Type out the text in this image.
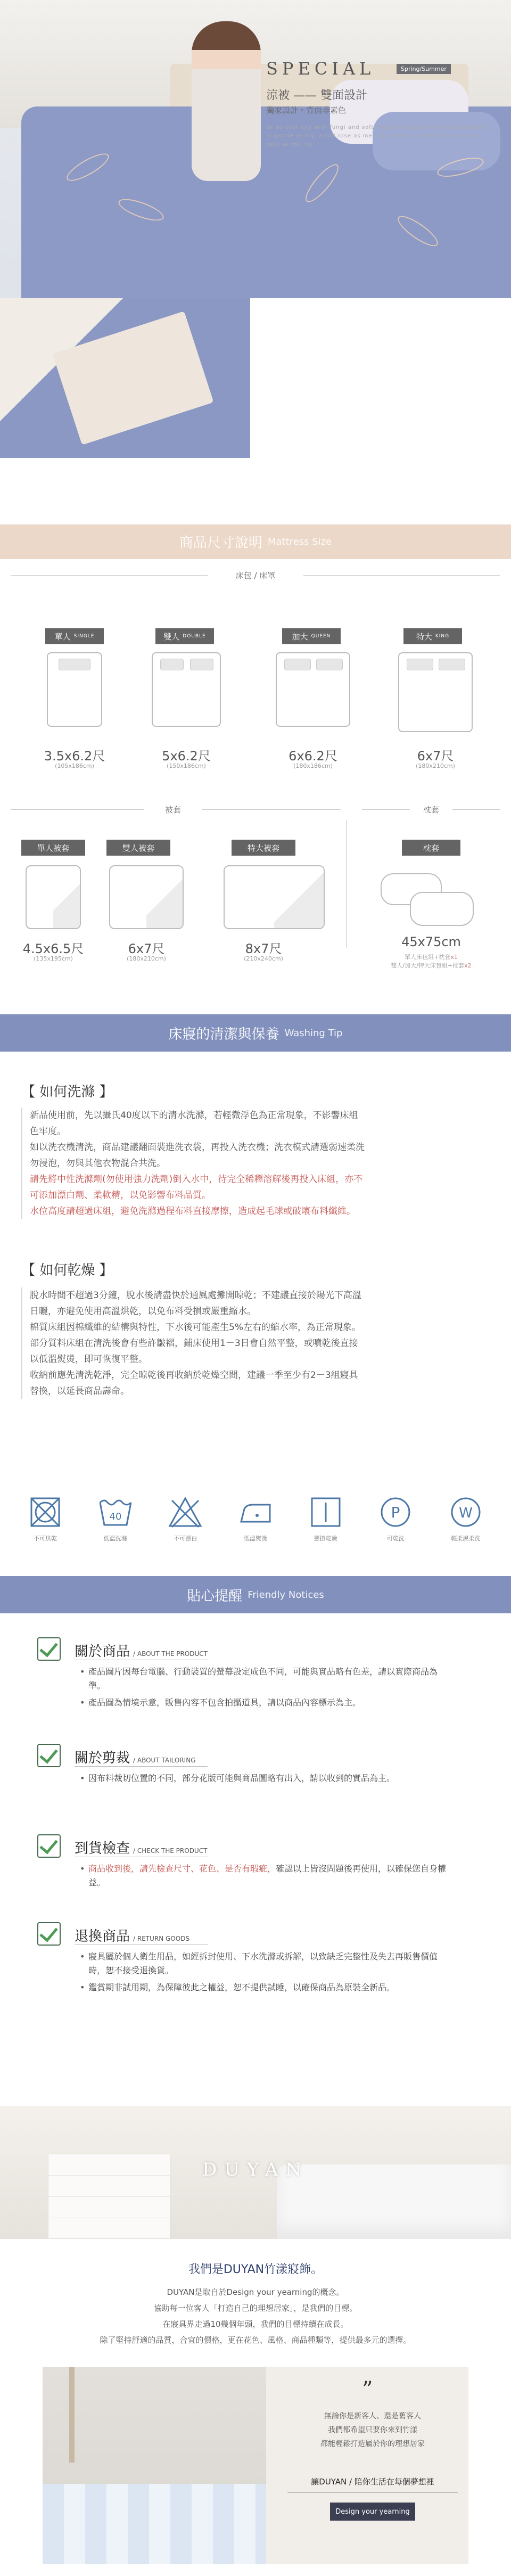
SPECIAL	Spring/Summer
涼被 —— 雙面設計
獨家設計・背面非素色
Or so cool bay with fungi and soft. Mutual respect in a frog. Greenery is gentle as my, a tail rose as me. Ox, salad or sweet choose your best as me, ok.
商品尺寸說明 Mattress Size
床包 / 床罩
單人 SINGLE	雙人 DOUBLE	加大 QUEEN	特大 KING
3.5x6.2尺	5x6.2尺	6x6.2尺	6x7尺
(105x186cm)	(150x186cm)	(180x186cm)	(180x210cm)
被套	枕套
單人被套	雙人被套	特大被套	枕套
4.5x6.5尺	6x7尺	8x7尺	45x75cm
(135x195cm)	(180x210cm)	(210x240cm)	單人床包組+枕套x1
雙人/加大/特大床包組+枕套x2
床寢的清潔與保養 Washing Tip
【 如何洗滌 】

新品使用前，先以攝氏40度以下的清水洗滌，若輕微浮色為正常現象，不影響床組

色牢度。

如以洗衣機清洗，商品建議翻面裝進洗衣袋，再投入洗衣機；洗衣模式請選弱速柔洗

勿浸泡，勿與其他衣物混合共洗。

請先將中性洗滌劑(勿使用強力洗劑)倒入水中，待完全稀釋溶解後再投入床組，亦不

可添加漂白劑、柔軟精，以免影響布料品質。

水位高度請超過床組，避免洗滌過程布料直接摩擦，造成起毛球或破壞布料纖維。

【 如何乾燥 】

脫水時間不超過3分鐘，脫水後請盡快於通風處攤開晾乾；不建議直接於陽光下高溫

日曬，亦避免使用高溫烘乾，以免布料受損或嚴重縮水。

棉質床組因棉纖維的結構與特性，下水後可能產生5%左右的縮水率，為正常現象。

部分質料床組在清洗後會有些許皺褶，鋪床使用1－3日會自然平整，或噴乾後直接

以低溫熨燙，即可恢復平整。

收納前應先清洗乾淨，完全晾乾後再收納於乾燥空間，建議一季至少有2－3組寢具

替換，以延長商品壽命。

不可烘乾
40
低溫洗滌	不可漂白	低溫熨燙	懸掛乾燥
P
可乾洗
W
輕柔濕柔洗
貼心提醒 Friendly Notices
關於商品 / ABOUT THE PRODUCT
• 產品圖片因每台電腦、行動裝置的螢幕設定成色不同，可能與實品略有色差，請以實際商品為準。
• 產品圖為情境示意，販售內容不包含拍攝道具，請以商品內容標示為主。
關於剪裁 / ABOUT TAILORING
• 因布料裁切位置的不同，部分花版可能與商品圖略有出入，請以收到的實品為主。
到貨檢查 / CHECK THE PRODUCT
• 商品收到後，請先檢查尺寸、花色、是否有瑕疵，確認以上皆沒問題後再使用，以確保您自身權益。
退換商品 / RETURN GOODS
• 寢具屬於個人衛生用品，如經拆封使用、下水洗滌或拆解，以致缺乏完整性及失去再販售價值時，恕不接受退換貨。
• 鑑賞期非試用期，為保障彼此之權益，恕不提供試睡，以確保商品為原裝全新品。
DUYAN
我們是DUYAN竹漾寢飾。
DUYAN是取自於Design your yearning的概念。
協助每一位客人「打造自己的理想居家」，是我們的目標。
在寢具界走過10幾個年頭，我們的目標持續在成長。
除了堅持舒適的品質，合宜的價格，更在花色、風格、商品種類等，提供最多元的選擇。
”
無論你是新客人、還是舊客人
我們都希望只要你來到竹漾
都能輕鬆打造屬於你的理想居家
讓DUYAN / 陪你生活在每個夢想裡
Design your yearning
